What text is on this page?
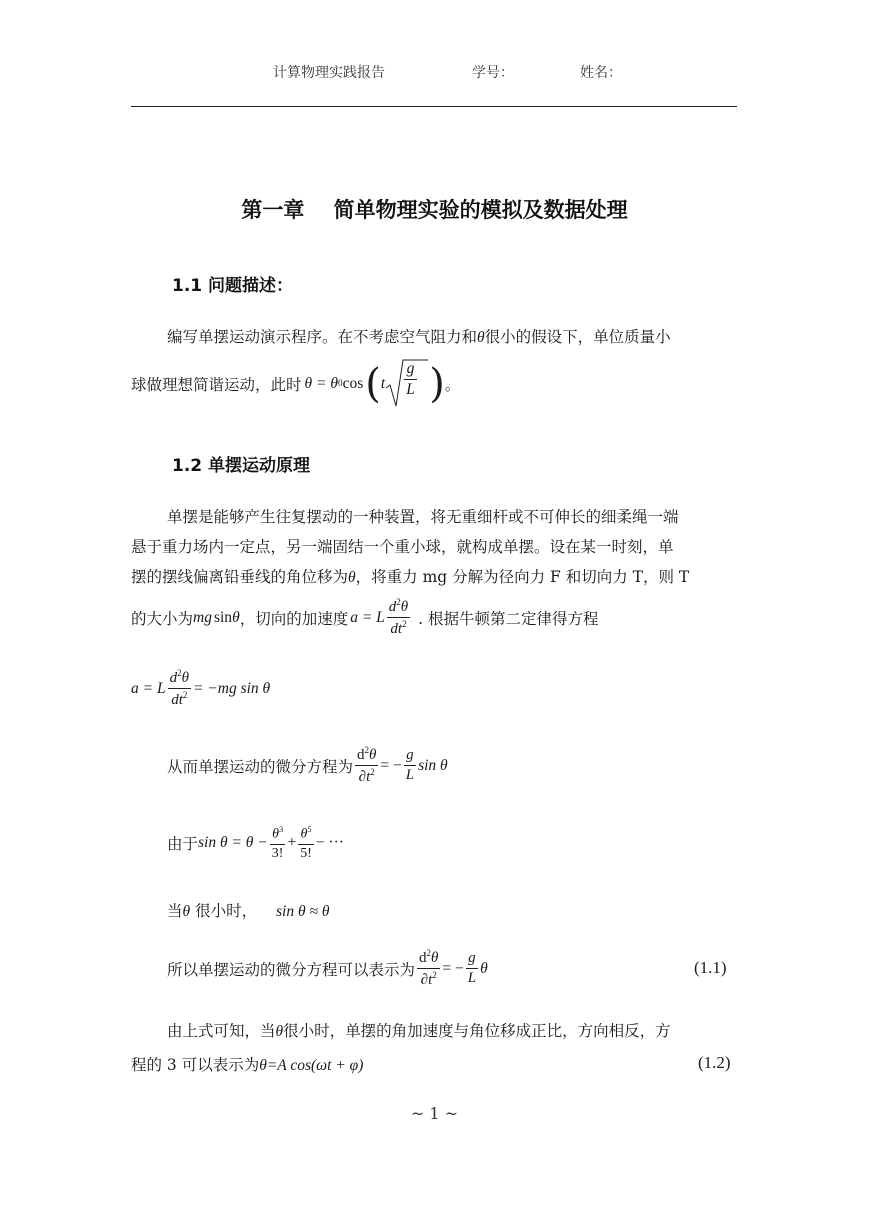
计算物理实践报告	学号：	姓名：
第一章    简单物理实验的模拟及数据处理
1.1 问题描述：
编写单摆运动演示程序。在不考虑空气阻力和θ很小的假设下，单位质量小
球做理想简谐运动，此时 θ = θ 0 cos ( t $\frac{g}{L}$ ) 。
1.2 单摆运动原理
单摆是能够产生往复摆动的一种装置，将无重细杆或不可伸长的细柔绳一端
悬于重力场内一定点，另一端固结一个重小球，就构成单摆。设在某一时刻，单
摆的摆线偏离铅垂线的角位移为θ，将重力 mg 分解为径向力 F 和切向力 T，则 T
的大小为 mg sin θ ，切向的加速度 a = L $\frac{d^2\theta}{dt^2}$ . 根据牛顿第二定律得方程
a = L $\frac{d^2\theta}{dt^2} = -mg$ sin θ
从而单摆运动的微分方程为 $\frac{d^2\theta}{\partial t^2}$ = − $\frac{g}{L}$ sin θ
由于 $\sin \theta = \theta - \frac{\theta^3}{3!} + \frac{\theta^5}{5!}$ − ···
当θ 很小时， sin θ ≈ θ
所以单摆运动的微分方程可以表示为 $\frac{d^2\theta}{\partial t^2}$ = − $\frac{g}{L}$ θ	(1.1)
由上式可知，当θ很小时，单摆的角加速度与角位移成正比，方向相反，方
程的 3 可以表示为θ=A cos(ωt + φ)	(1.2)
~ 1 ~
